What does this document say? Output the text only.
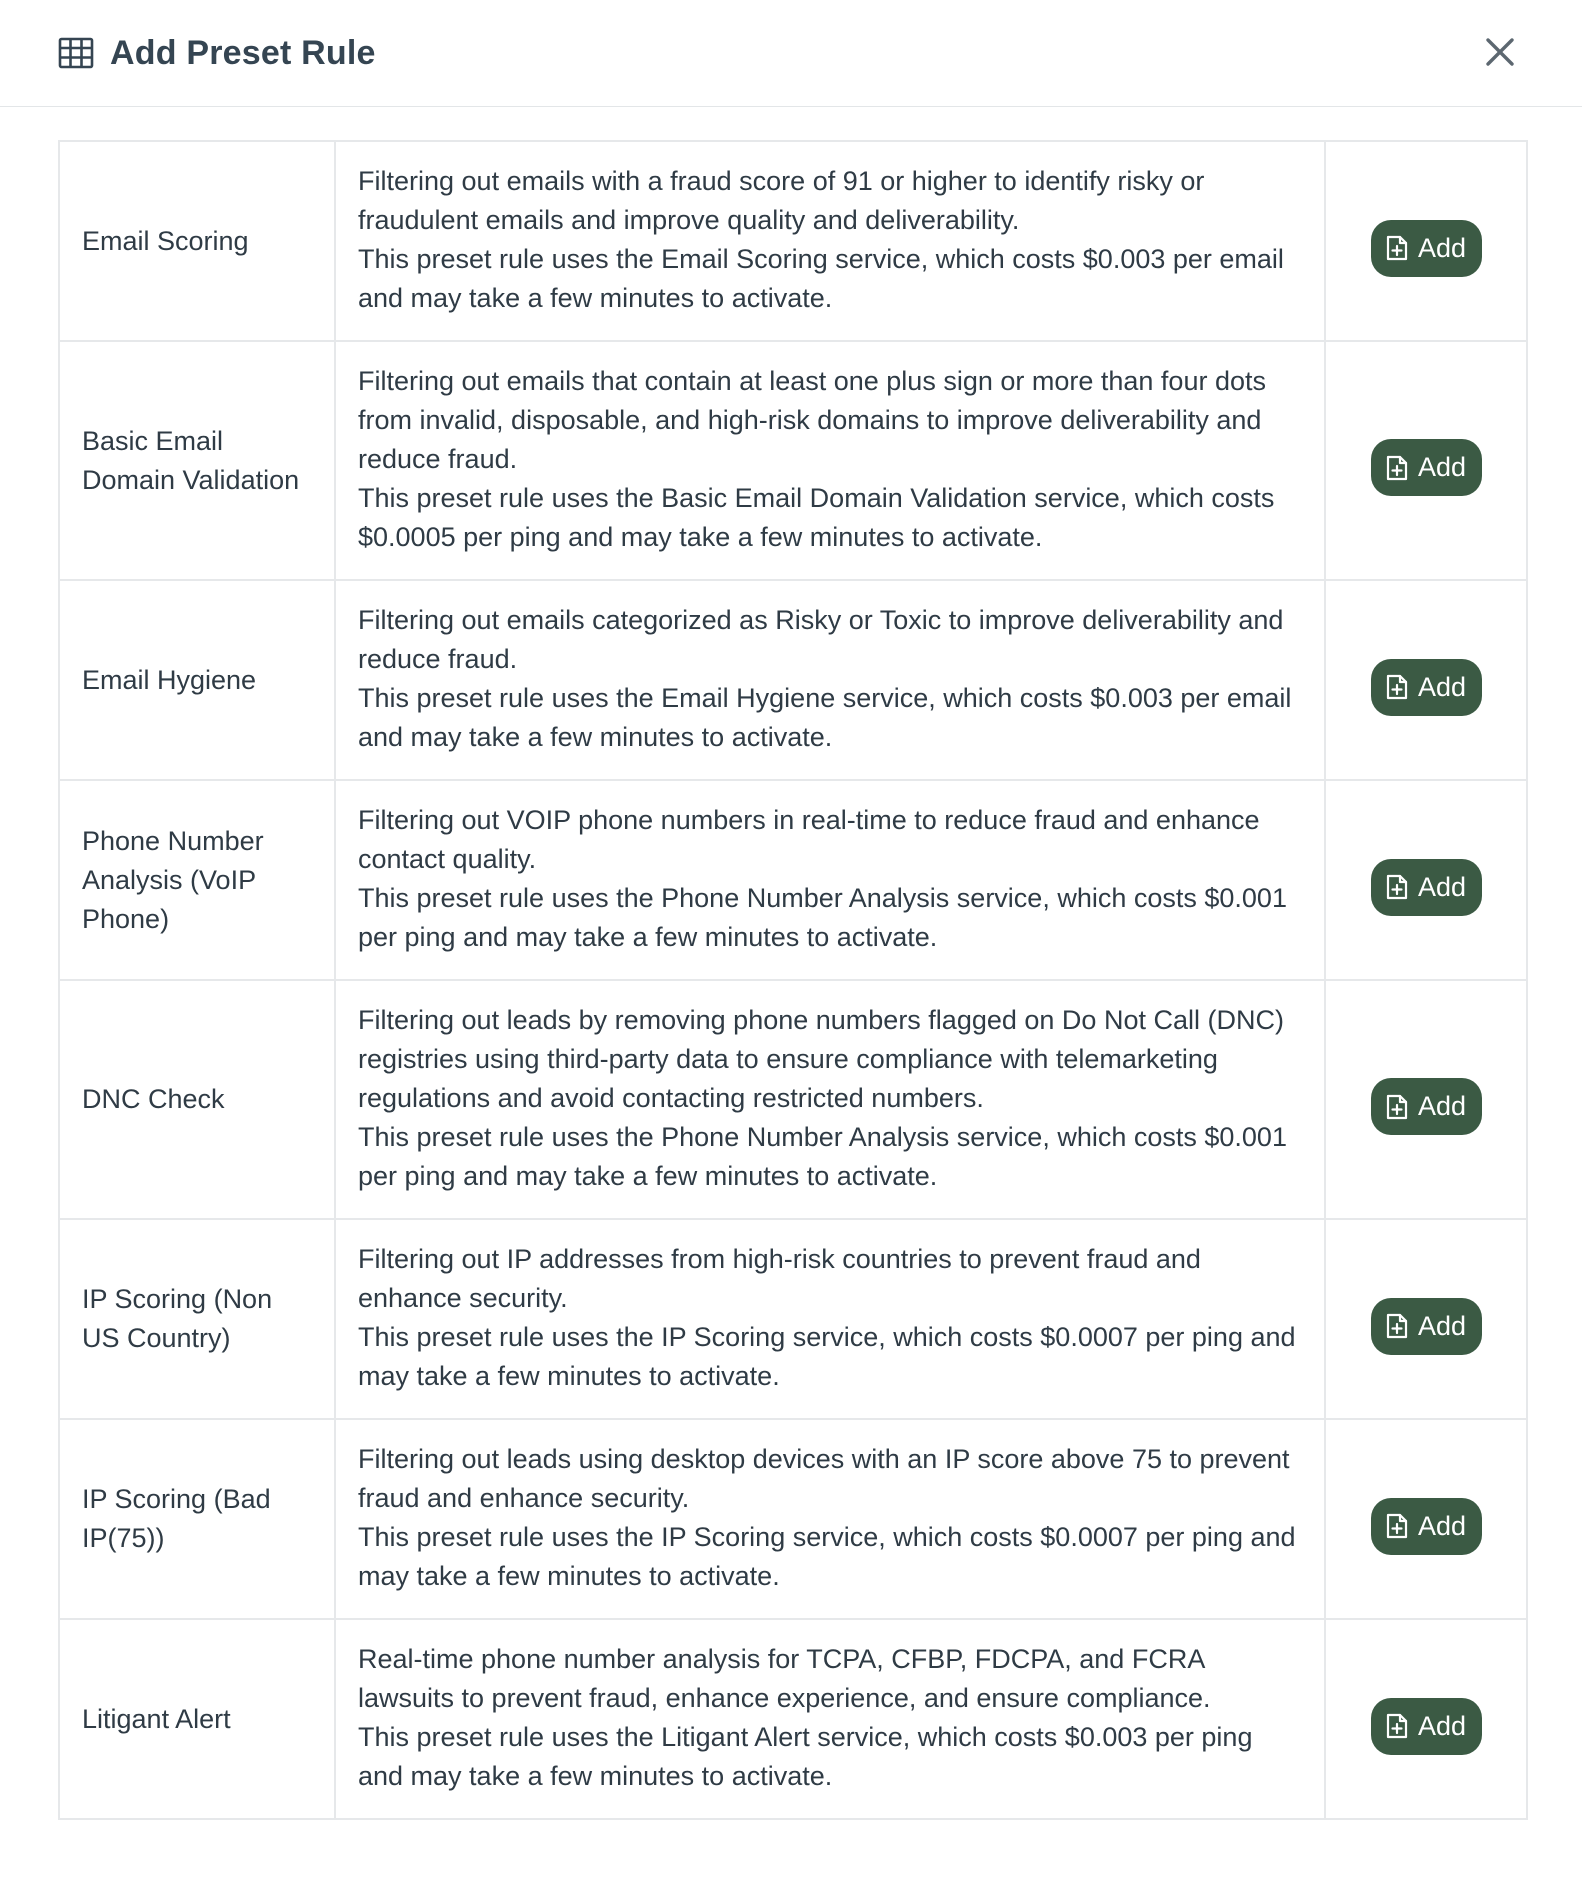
Add Preset Rule
Email Scoring	Filtering out emails with a fraud score of 91 or higher to identify risky or fraudulent emails and improve quality and deliverability.
This preset rule uses the Email Scoring service, which costs $0.003 per email and may take a few minutes to activate.	Add

Basic Email Domain Validation	Filtering out emails that contain at least one plus sign or more than four dots from invalid, disposable, and high-risk domains to improve deliverability and reduce fraud.
This preset rule uses the Basic Email Domain Validation service, which costs $0.0005 per ping and may take a few minutes to activate.	Add

Email Hygiene	Filtering out emails categorized as Risky or Toxic to improve deliverability and reduce fraud.
This preset rule uses the Email Hygiene service, which costs $0.003 per email and may take a few minutes to activate.	Add

Phone Number Analysis (VoIP Phone)	Filtering out VOIP phone numbers in real-time to reduce fraud and enhance contact quality.
This preset rule uses the Phone Number Analysis service, which costs $0.001 per ping and may take a few minutes to activate.	Add

DNC Check	Filtering out leads by removing phone numbers flagged on Do Not Call (DNC) registries using third-party data to ensure compliance with telemarketing regulations and avoid contacting restricted numbers.
This preset rule uses the Phone Number Analysis service, which costs $0.001 per ping and may take a few minutes to activate.	Add

IP Scoring (Non US Country)	Filtering out IP addresses from high-risk countries to prevent fraud and enhance security.
This preset rule uses the IP Scoring service, which costs $0.0007 per ping and may take a few minutes to activate.	Add

IP Scoring (Bad IP(75))	Filtering out leads using desktop devices with an IP score above 75 to prevent fraud and enhance security.
This preset rule uses the IP Scoring service, which costs $0.0007 per ping and may take a few minutes to activate.	Add

Litigant Alert	Real-time phone number analysis for TCPA, CFBP, FDCPA, and FCRA lawsuits to prevent fraud, enhance experience, and ensure compliance.
This preset rule uses the Litigant Alert service, which costs $0.003 per ping and may take a few minutes to activate.	Add
